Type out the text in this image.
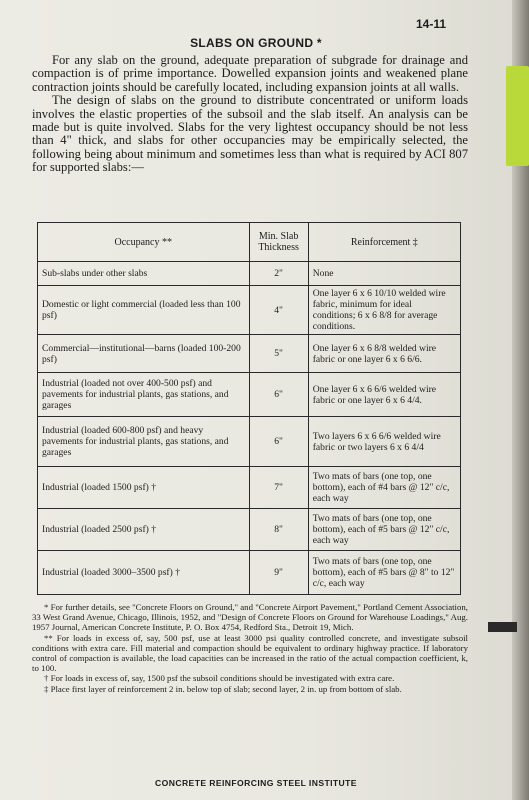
14-11
SLABS ON GROUND *

For any slab on the ground, adequate preparation of subgrade for drainage and compaction is of prime importance. Dowelled expansion joints and weakened plane contraction joints should be carefully located, including expansion joints at all walls.

The design of slabs on the ground to distribute concentrated or uniform loads involves the elastic properties of the subsoil and the slab itself. An analysis can be made but is quite involved. Slabs for the very lightest occupancy should be not less than 4" thick, and slabs for other occupancies may be empirically selected, the following being about minimum and sometimes less than what is required by ACI 807 for supported slabs:—

Occupancy **	Min. Slab Thickness	Reinforcement ‡
Sub-slabs under other slabs	2"	None
Domestic or light commercial (loaded less than 100 psf)	4"	One layer 6 x 6 10/10 welded wire fabric, minimum for ideal conditions; 6 x 6 8/8 for average conditions.
Commercial—institutional—barns (loaded 100-200 psf)	5"	One layer 6 x 6 8/8 welded wire fabric or one layer 6 x 6 6/6.
Industrial (loaded not over 400-500 psf) and pavements for industrial plants, gas stations, and garages	6"	One layer 6 x 6 6/6 welded wire fabric or one layer 6 x 6 4/4.
Industrial (loaded 600-800 psf) and heavy pavements for industrial plants, gas stations, and garages	6"	Two layers 6 x 6 6/6 welded wire fabric or two layers 6 x 6 4/4
Industrial (loaded 1500 psf) †	7"	Two mats of bars (one top, one bottom), each of #4 bars @ 12" c/c, each way
Industrial (loaded 2500 psf) †	8"	Two mats of bars (one top, one bottom), each of #5 bars @ 12" c/c, each way
Industrial (loaded 3000–3500 psf) †	9"	Two mats of bars (one top, one bottom), each of #5 bars @ 8" to 12" c/c, each way

* For further details, see "Concrete Floors on Ground," and "Concrete Airport Pavement," Portland Cement Association, 33 West Grand Avenue, Chicago, Illinois, 1952, and "Design of Concrete Floors on Ground for Warehouse Loadings," Aug. 1957 Journal, American Concrete Institute, P. O. Box 4754, Redford Sta., Detroit 19, Mich.

** For loads in excess of, say, 500 psf, use at least 3000 psi quality controlled concrete, and investigate subsoil conditions with extra care. Fill material and compaction should be equivalent to ordinary highway practice. If laboratory control of compaction is available, the load capacities can be increased in the ratio of the actual compaction coefficient, k, to 100.

† For loads in excess of, say, 1500 psf the subsoil conditions should be investigated with extra care.

‡ Place first layer of reinforcement 2 in. below top of slab; second layer, 2 in. up from bottom of slab.

CONCRETE REINFORCING STEEL INSTITUTE
